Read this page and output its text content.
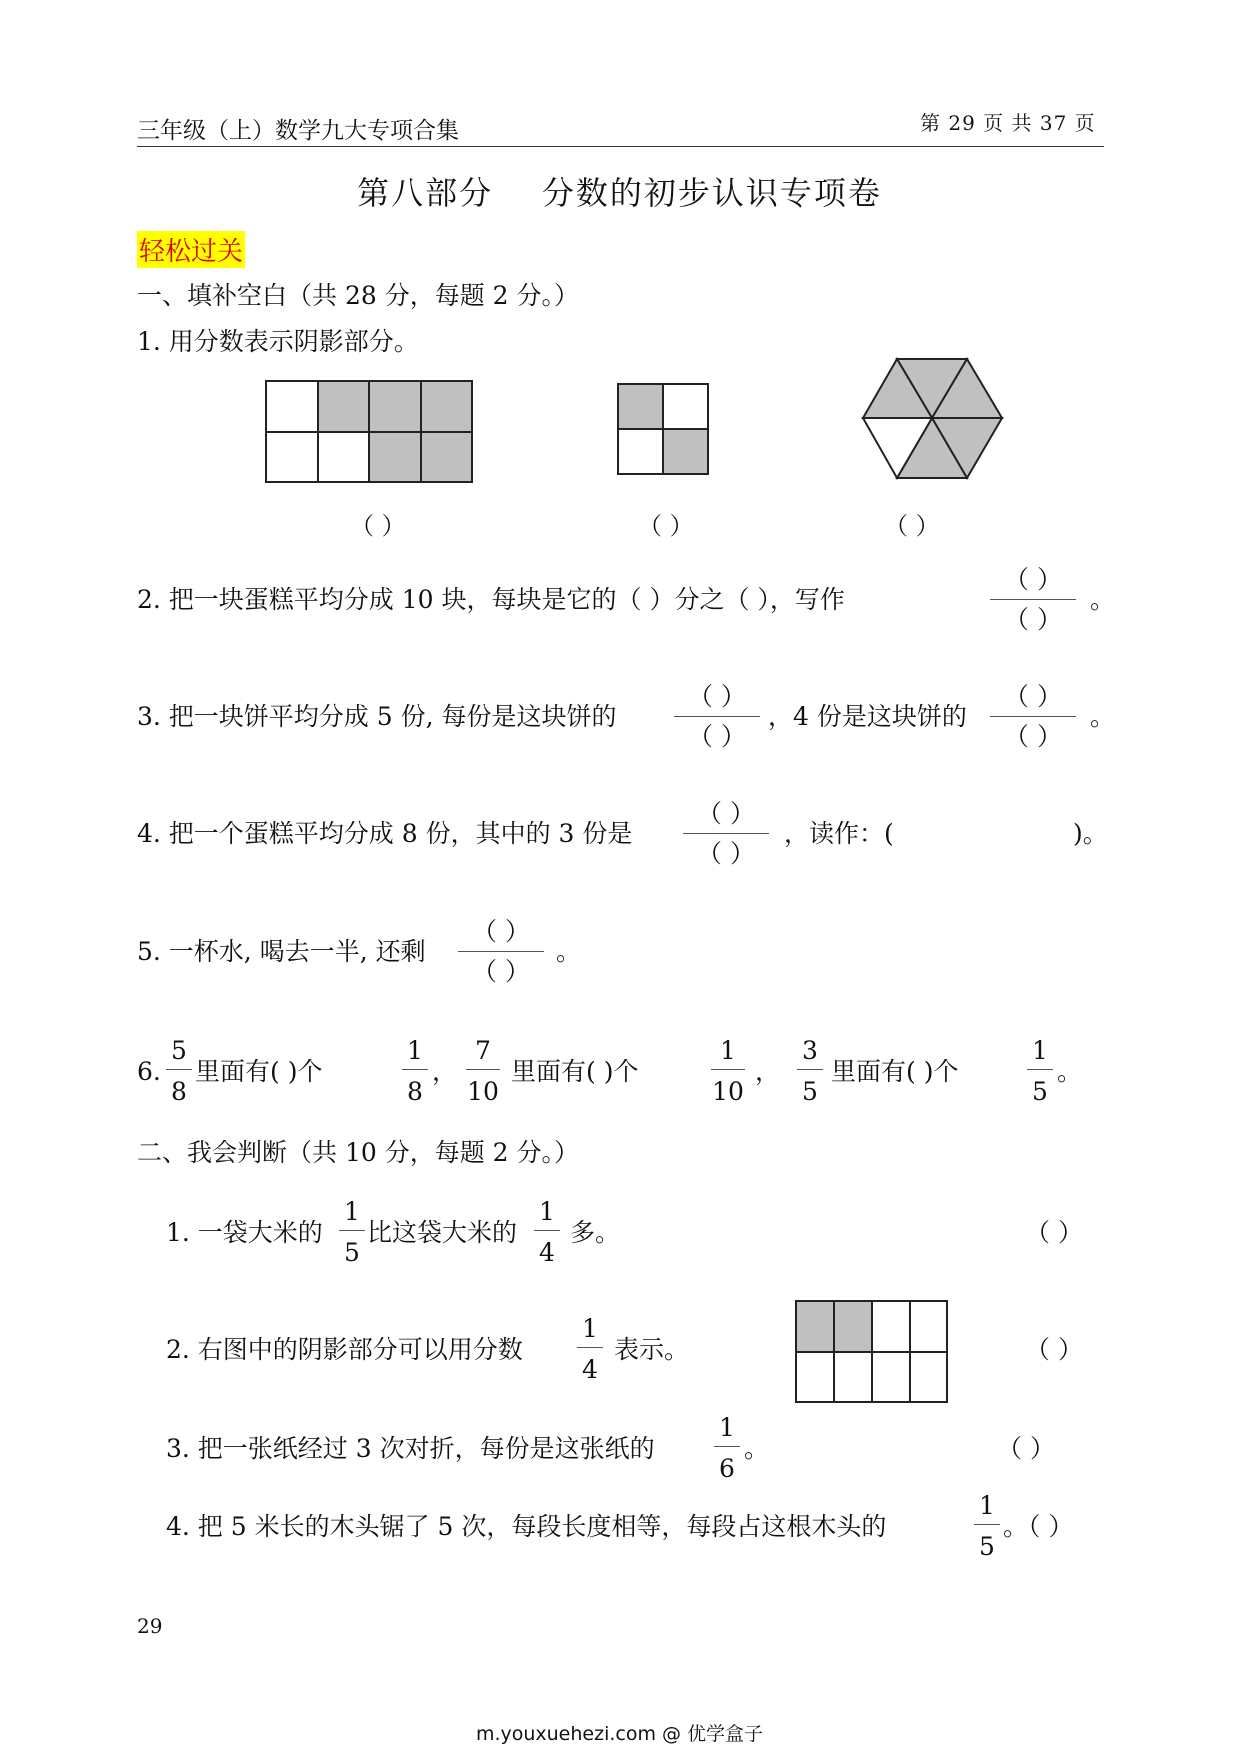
三年级（上）数学九大专项合集	第 29 页 共 37 页
第八部分    分数的初步认识专项卷
轻松过关
一、填补空白（共 28 分，每题 2 分。）
1. 用分数表示阴影部分。
（ ）	（ ）	（ ）
2. 把一块蛋糕平均分成 10 块，每块是它的（ ）分之（ ），写作
（ ）
（ ）
。
3. 把一块饼平均分成 5 份, 每份是这块饼的
（ ）
（ ）
，4 份是这块饼的
（ ）
（ ）
。
4. 把一个蛋糕平均分成 8 份，其中的 3 份是
（ ）
（ ）
，读作：(	)。
5. 一杯水, 喝去一半, 还剩
（ ）
（ ）
。
6.
5
8
里面有( )个
1
8
，
7
10
里面有( )个
1
10
，
3
5
里面有( )个
1
5
。
二、我会判断（共 10 分，每题 2 分。）
1. 一袋大米的
1
5
比这袋大米的
1
4
多。	（ ）
2. 右图中的阴影部分可以用分数
1
4
表示。	（ ）
3. 把一张纸经过 3 次对折，每份是这张纸的
1
6
。	（ ）
4. 把 5 米长的木头锯了 5 次，每段长度相等，每段占这根木头的
1
5
。（ ）
29
m.youxuehezi.com @ 优学盒子
